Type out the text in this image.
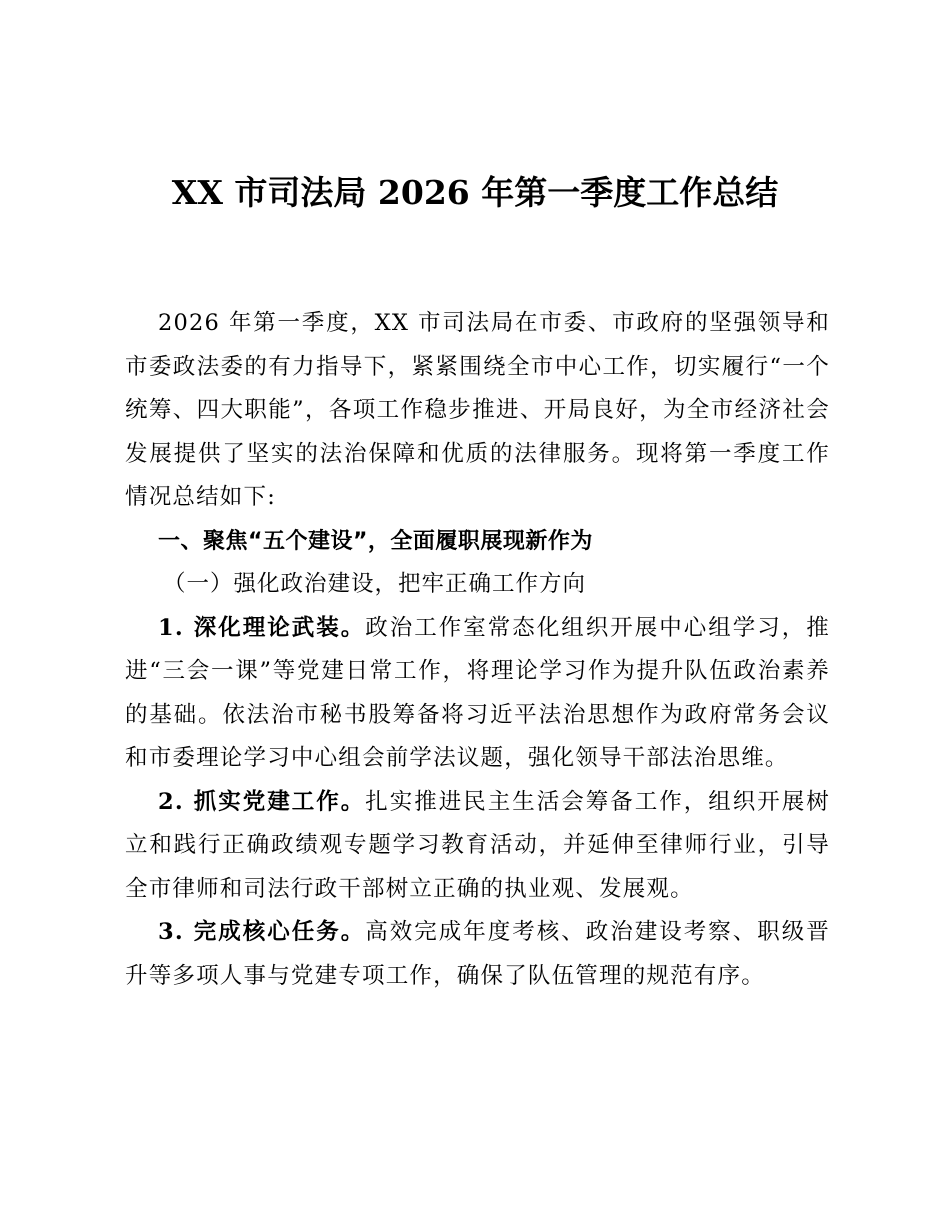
XX 市司法局 2026 年第一季度工作总结

2026 年第一季度，XX 市司法局在市委、市政府的坚强领导和市委政法委的有力指导下，紧紧围绕全市中心工作，切实履行“一个统筹、四大职能”，各项工作稳步推进、开局良好，为全市经济社会发展提供了坚实的法治保障和优质的法律服务。现将第一季度工作情况总结如下:

一、聚焦“五个建设”，全面履职展现新作为

（一）强化政治建设，把牢正确工作方向

1. 深化理论武装。政治工作室常态化组织开展中心组学习，推进“三会一课”等党建日常工作，将理论学习作为提升队伍政治素养的基础。依法治市秘书股筹备将习近平法治思想作为政府常务会议和市委理论学习中心组会前学法议题，强化领导干部法治思维。

2. 抓实党建工作。扎实推进民主生活会筹备工作，组织开展树立和践行正确政绩观专题学习教育活动，并延伸至律师行业，引导全市律师和司法行政干部树立正确的执业观、发展观。

3. 完成核心任务。高效完成年度考核、政治建设考察、职级晋升等多项人事与党建专项工作，确保了队伍管理的规范有序。
